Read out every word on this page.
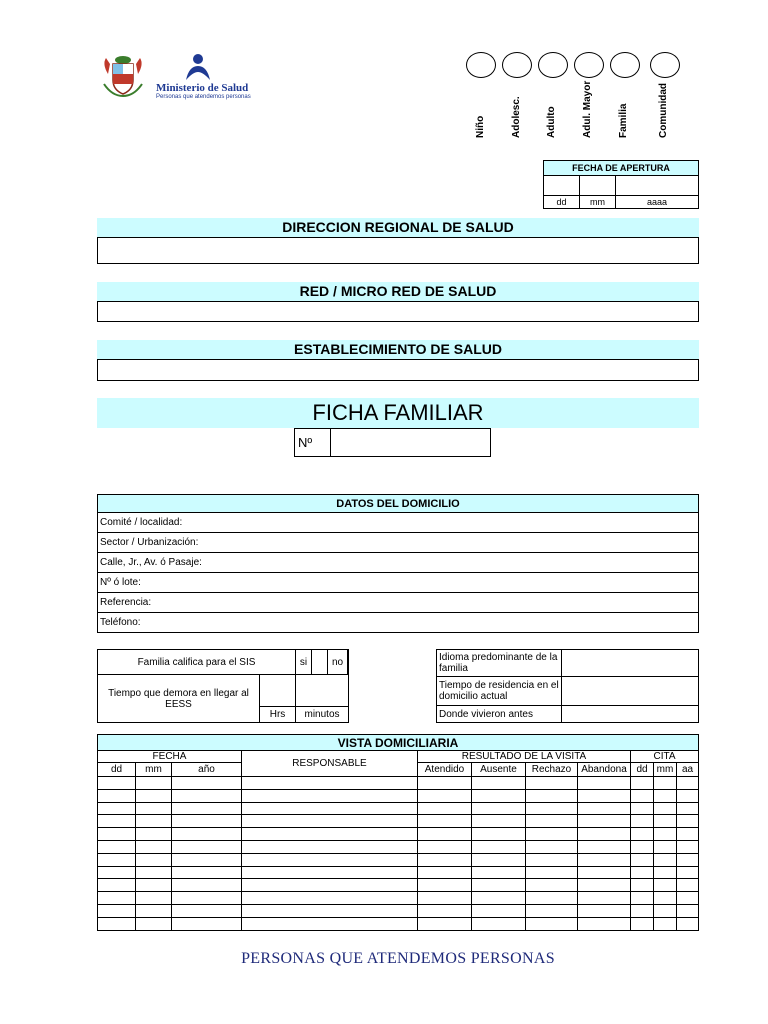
Ministerio de Salud
Personas que atendemos personas
Niño	Adolesc. Adulto	Adul. Mayor	Familia	Comunidad
FECHA DE APERTURA		

dd	mm	aaaa
DIRECCION REGIONAL DE SALUD
RED / MICRO RED DE SALUD
ESTABLECIMIENTO DE SALUD
FICHA FAMILIAR
Nº
DATOS DEL DOMICILIO
Comité / localidad:
Sector / Urbanización:
Calle, Jr., Av. ó Pasaje:
Nº ó lote:
Referencia:
Teléfono:
Familia califica para el SIS		si		no	
Tiempo que demora en llegar al EESS					
	Hrs	minutos			
Idioma predominante de la familia	
Tiempo de residencia en el domicilio actual	
Donde vivieron antes	
VISTA DOMICILIARIA										
FECHA			RESPONSABLE	RESULTADO DE LA VISITA				CITA		
dd	mm	año		Atendido	Ausente	Rechazo	Abandona	dd	mm	aa

PERSONAS QUE ATENDEMOS PERSONAS
